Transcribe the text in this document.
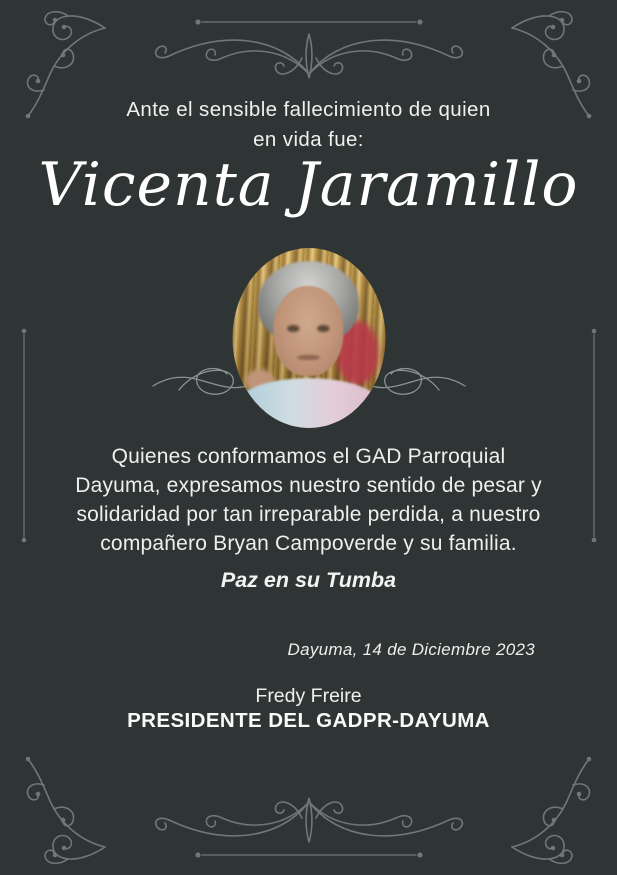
Ante el sensible fallecimiento de quien
en vida fue:
Vicenta Jaramillo
Quienes conformamos el GAD Parroquial
Dayuma, expresamos nuestro sentido de pesar y
solidaridad por tan irreparable perdida, a nuestro
compañero Bryan Campoverde y su familia.
Paz en su Tumba
Dayuma, 14 de Diciembre 2023
Fredy Freire
PRESIDENTE DEL GADPR-DAYUMA
